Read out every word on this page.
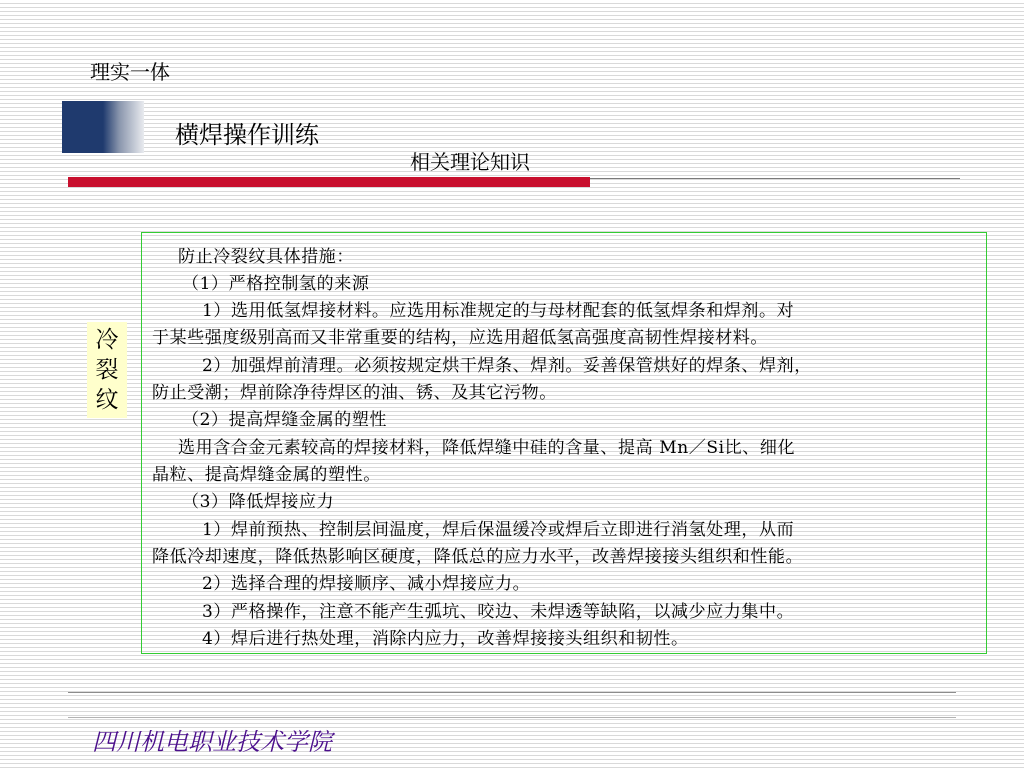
理实一体
横焊操作训练
相关理论知识
冷裂纹
防止冷裂纹具体措施：
（1）严格控制氢的来源
1）选用低氢焊接材料。应选用标准规定的与母材配套的低氢焊条和焊剂。对
于某些强度级别高而又非常重要的结构，应选用超低氢高强度高韧性焊接材料。
2）加强焊前清理。必须按规定烘干焊条、焊剂。妥善保管烘好的焊条、焊剂，
防止受潮；焊前除净待焊区的油、锈、及其它污物。
（2）提高焊缝金属的塑性
选用含合金元素较高的焊接材料，降低焊缝中硅的含量、提高 Mn／Si比、细化
晶粒、提高焊缝金属的塑性。
（3）降低焊接应力
1）焊前预热、控制层间温度，焊后保温缓冷或焊后立即进行消氢处理，从而
降低冷却速度，降低热影响区硬度，降低总的应力水平，改善焊接接头组织和性能。
2）选择合理的焊接顺序、减小焊接应力。
3）严格操作，注意不能产生弧坑、咬边、未焊透等缺陷，以减少应力集中。
4）焊后进行热处理，消除内应力，改善焊接接头组织和韧性。
四川机电职业技术学院
